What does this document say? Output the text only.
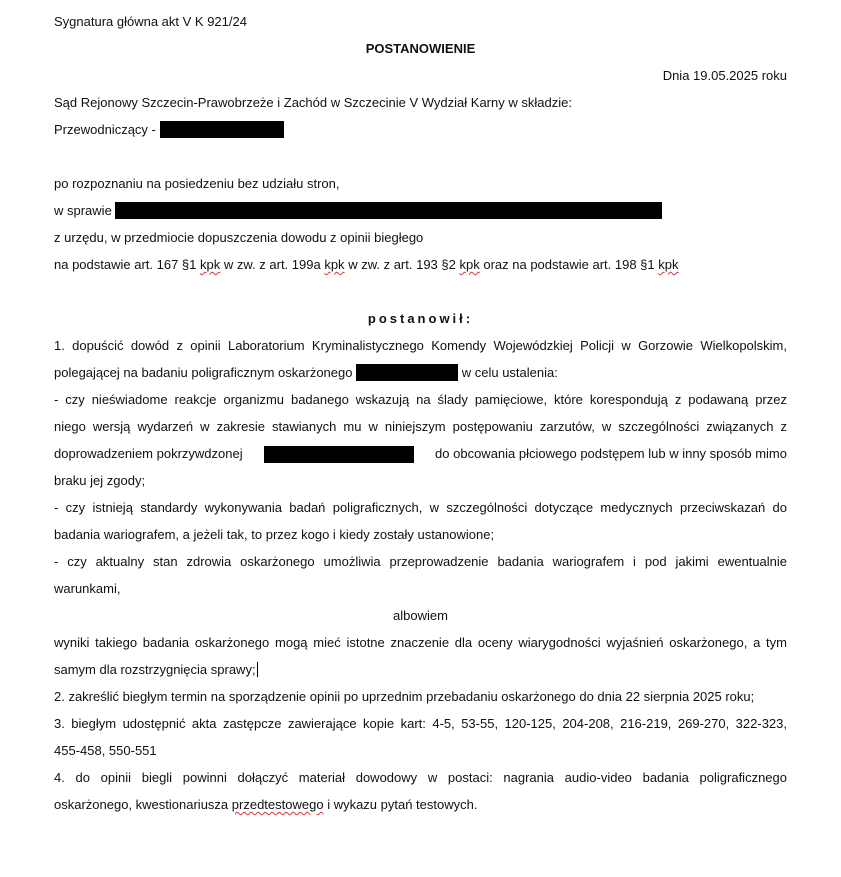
Sygnatura główna akt V K 921/24
POSTANOWIENIE
Dnia 19.05.2025 roku
Sąd Rejonowy Szczecin-Prawobrzeże i Zachód w Szczecinie V Wydział Karny w składzie:
Przewodniczący -
po rozpoznaniu na posiedzeniu bez udziału stron,
w sprawie
z urzędu, w przedmiocie dopuszczenia dowodu z opinii biegłego
na podstawie art. 167 §1 kpk w zw. z art. 199a kpk w zw. z art. 193 §2 kpk oraz na podstawie art. 198 §1 kpk
postanowił:
1. dopuścić dowód z opinii Laboratorium Kryminalistycznego Komendy Wojewódzkiej Policji w Gorzowie Wielkopolskim,
polegającej na badaniu poligraficznym oskarżonego	w celu ustalenia:
- czy nieświadome reakcje organizmu badanego wskazują na ślady pamięciowe, które korespondują z podawaną przez
niego wersją wydarzeń w zakresie stawianych mu w niniejszym postępowaniu zarzutów, w szczególności związanych z
doprowadzeniem pokrzywdzonej	do obcowania płciowego podstępem lub w inny sposób mimo
braku jej zgody;
- czy istnieją standardy wykonywania badań poligraficznych, w szczególności dotyczące medycznych przeciwskazań do
badania wariografem, a jeżeli tak, to przez kogo i kiedy zostały ustanowione;
- czy aktualny stan zdrowia oskarżonego umożliwia przeprowadzenie badania wariografem i pod jakimi ewentualnie
warunkami,
albowiem
wyniki takiego badania oskarżonego mogą mieć istotne znaczenie dla oceny wiarygodności wyjaśnień oskarżonego, a tym
samym dla rozstrzygnięcia sprawy;
2. zakreślić biegłym termin na sporządzenie opinii po uprzednim przebadaniu oskarżonego do dnia 22 sierpnia 2025 roku;
3. biegłym udostępnić akta zastępcze zawierające kopie kart: 4-5, 53-55, 120-125, 204-208, 216-219, 269-270, 322-323,
455-458, 550-551
4. do opinii biegli powinni dołączyć materiał dowodowy w postaci: nagrania audio-video badania poligraficznego
oskarżonego, kwestionariusza przedtestowego i wykazu pytań testowych.
